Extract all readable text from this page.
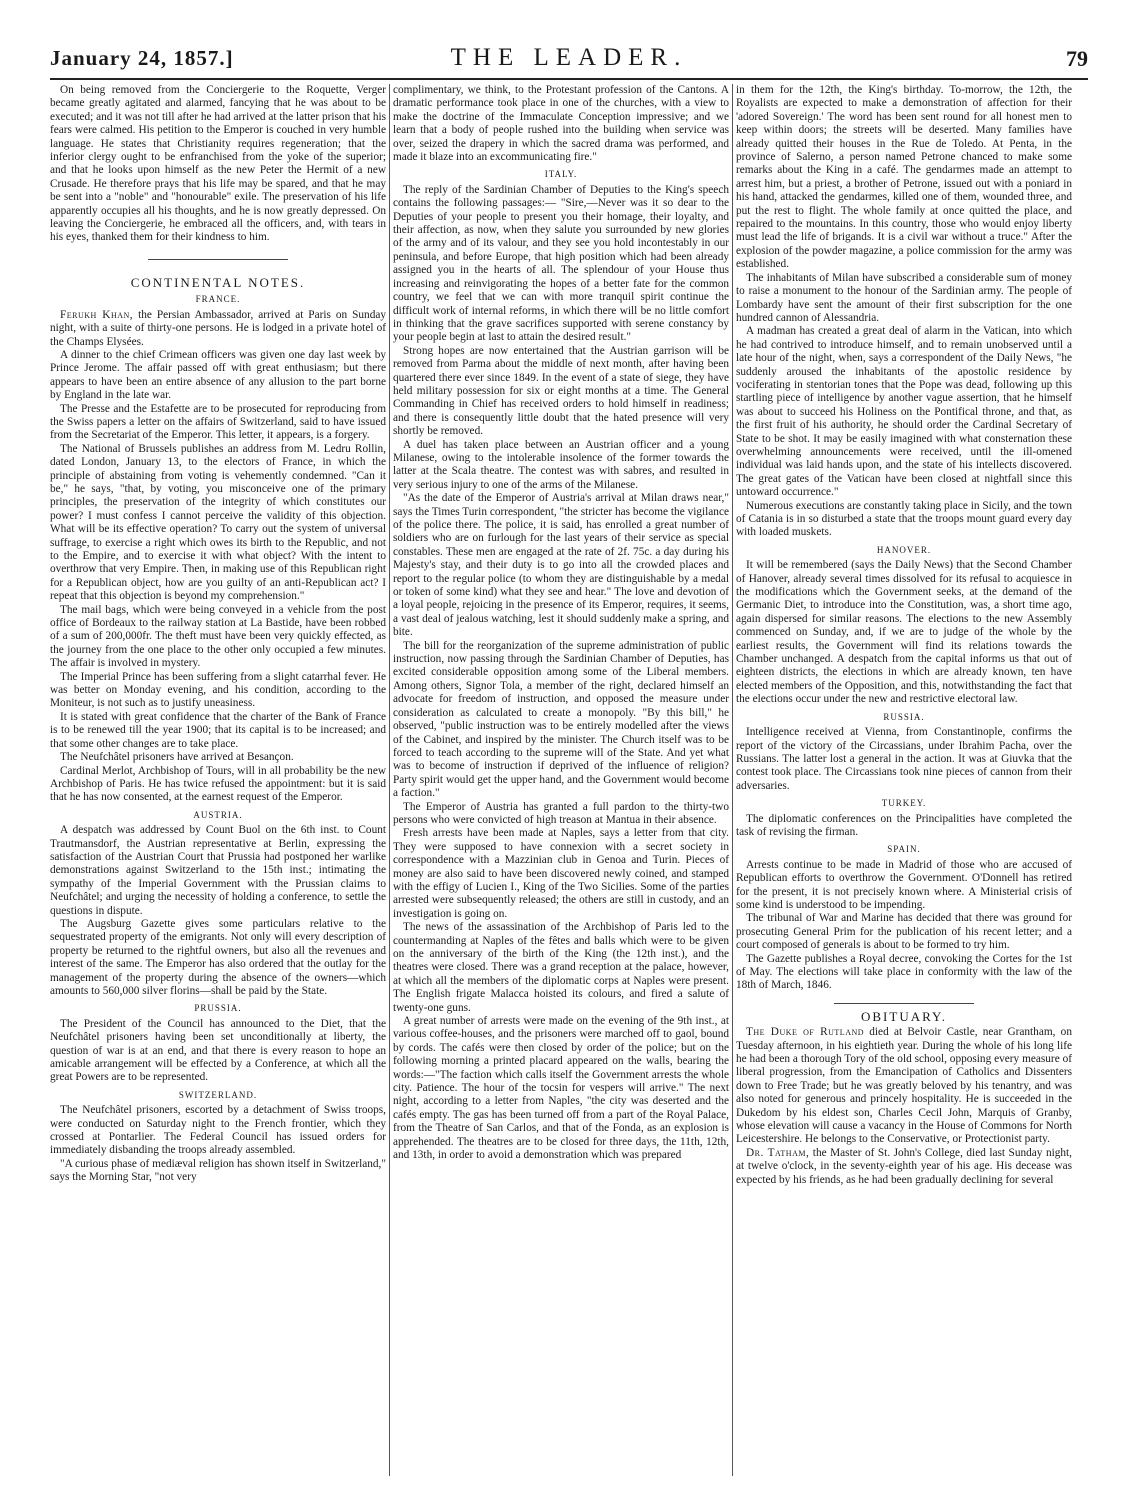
January 24, 1857.]	THE LEADER.	79

On being removed from the Conciergerie to the Roquette, Verger became greatly agitated and alarmed, fancying that he was about to be executed; and it was not till after he had arrived at the latter prison that his fears were calmed. His petition to the Emperor is couched in very humble language. He states that Christianity requires regeneration; that the inferior clergy ought to be enfranchised from the yoke of the superior; and that he looks upon himself as the new Peter the Hermit of a new Crusade. He therefore prays that his life may be spared, and that he may be sent into a "noble" and "honourable" exile. The preservation of his life apparently occupies all his thoughts, and he is now greatly depressed. On leaving the Conciergerie, he embraced all the officers, and, with tears in his eyes, thanked them for their kindness to him.

CONTINENTAL NOTES.
FRANCE.

Ferukh Khan, the Persian Ambassador, arrived at Paris on Sunday night, with a suite of thirty-one persons. He is lodged in a private hotel of the Champs Elysées.

A dinner to the chief Crimean officers was given one day last week by Prince Jerome. The affair passed off with great enthusiasm; but there appears to have been an entire absence of any allusion to the part borne by England in the late war.

The Presse and the Estafette are to be prosecuted for reproducing from the Swiss papers a letter on the affairs of Switzerland, said to have issued from the Secretariat of the Emperor. This letter, it appears, is a forgery.

The National of Brussels publishes an address from M. Ledru Rollin, dated London, January 13, to the electors of France, in which the principle of abstaining from voting is vehemently condemned. "Can it be," he says, "that, by voting, you misconceive one of the primary principles, the preservation of the integrity of which constitutes our power? I must confess I cannot perceive the validity of this objection. What will be its effective operation? To carry out the system of universal suffrage, to exercise a right which owes its birth to the Republic, and not to the Empire, and to exercise it with what object? With the intent to overthrow that very Empire. Then, in making use of this Republican right for a Republican object, how are you guilty of an anti-Republican act? I repeat that this objection is beyond my comprehension."

The mail bags, which were being conveyed in a vehicle from the post office of Bordeaux to the railway station at La Bastide, have been robbed of a sum of 200,000fr. The theft must have been very quickly effected, as the journey from the one place to the other only occupied a few minutes. The affair is involved in mystery.

The Imperial Prince has been suffering from a slight catarrhal fever. He was better on Monday evening, and his condition, according to the Moniteur, is not such as to justify uneasiness.

It is stated with great confidence that the charter of the Bank of France is to be renewed till the year 1900; that its capital is to be increased; and that some other changes are to take place.

The Neufchâtel prisoners have arrived at Besançon.

Cardinal Merlot, Archbishop of Tours, will in all probability be the new Archbishop of Paris. He has twice refused the appointment: but it is said that he has now consented, at the earnest request of the Emperor.

AUSTRIA.

A despatch was addressed by Count Buol on the 6th inst. to Count Trautmansdorf, the Austrian representative at Berlin, expressing the satisfaction of the Austrian Court that Prussia had postponed her warlike demonstrations against Switzerland to the 15th inst.; intimating the sympathy of the Imperial Government with the Prussian claims to Neufchâtel; and urging the necessity of holding a conference, to settle the questions in dispute.

The Augsburg Gazette gives some particulars relative to the sequestrated property of the emigrants. Not only will every description of property be returned to the rightful owners, but also all the revenues and interest of the same. The Emperor has also ordered that the outlay for the management of the property during the absence of the owners—which amounts to 560,000 silver florins—shall be paid by the State.

PRUSSIA.

The President of the Council has announced to the Diet, that the Neufchâtel prisoners having been set unconditionally at liberty, the question of war is at an end, and that there is every reason to hope an amicable arrangement will be effected by a Conference, at which all the great Powers are to be represented.

SWITZERLAND.

The Neufchâtel prisoners, escorted by a detachment of Swiss troops, were conducted on Saturday night to the French frontier, which they crossed at Pontarlier. The Federal Council has issued orders for immediately disbanding the troops already assembled.

"A curious phase of mediæval religion has shown itself in Switzerland," says the Morning Star, "not very

complimentary, we think, to the Protestant profession of the Cantons. A dramatic performance took place in one of the churches, with a view to make the doctrine of the Immaculate Conception impressive; and we learn that a body of people rushed into the building when service was over, seized the drapery in which the sacred drama was performed, and made it blaze into an excommunicating fire."

ITALY.

The reply of the Sardinian Chamber of Deputies to the King's speech contains the following passages:— "Sire,—Never was it so dear to the Deputies of your people to present you their homage, their loyalty, and their affection, as now, when they salute you surrounded by new glories of the army and of its valour, and they see you hold incontestably in our peninsula, and before Europe, that high position which had been already assigned you in the hearts of all. The splendour of your House thus increasing and reinvigorating the hopes of a better fate for the common country, we feel that we can with more tranquil spirit continue the difficult work of internal reforms, in which there will be no little comfort in thinking that the grave sacrifices supported with serene constancy by your people begin at last to attain the desired result."

Strong hopes are now entertained that the Austrian garrison will be removed from Parma about the middle of next month, after having been quartered there ever since 1849. In the event of a state of siege, they have held military possession for six or eight months at a time. The General Commanding in Chief has received orders to hold himself in readiness; and there is consequently little doubt that the hated presence will very shortly be removed.

A duel has taken place between an Austrian officer and a young Milanese, owing to the intolerable insolence of the former towards the latter at the Scala theatre. The contest was with sabres, and resulted in very serious injury to one of the arms of the Milanese.

"As the date of the Emperor of Austria's arrival at Milan draws near," says the Times Turin correspondent, "the stricter has become the vigilance of the police there. The police, it is said, has enrolled a great number of soldiers who are on furlough for the last years of their service as special constables. These men are engaged at the rate of 2f. 75c. a day during his Majesty's stay, and their duty is to go into all the crowded places and report to the regular police (to whom they are distinguishable by a medal or token of some kind) what they see and hear." The love and devotion of a loyal people, rejoicing in the presence of its Emperor, requires, it seems, a vast deal of jealous watching, lest it should suddenly make a spring, and bite.

The bill for the reorganization of the supreme administration of public instruction, now passing through the Sardinian Chamber of Deputies, has excited considerable opposition among some of the Liberal members. Among others, Signor Tola, a member of the right, declared himself an advocate for freedom of instruction, and opposed the measure under consideration as calculated to create a monopoly. "By this bill," he observed, "public instruction was to be entirely modelled after the views of the Cabinet, and inspired by the minister. The Church itself was to be forced to teach according to the supreme will of the State. And yet what was to become of instruction if deprived of the influence of religion? Party spirit would get the upper hand, and the Government would become a faction."

The Emperor of Austria has granted a full pardon to the thirty-two persons who were convicted of high treason at Mantua in their absence.

Fresh arrests have been made at Naples, says a letter from that city. They were supposed to have connexion with a secret society in correspondence with a Mazzinian club in Genoa and Turin. Pieces of money are also said to have been discovered newly coined, and stamped with the effigy of Lucien I., King of the Two Sicilies. Some of the parties arrested were subsequently released; the others are still in custody, and an investigation is going on.

The news of the assassination of the Archbishop of Paris led to the countermanding at Naples of the fêtes and balls which were to be given on the anniversary of the birth of the King (the 12th inst.), and the theatres were closed. There was a grand reception at the palace, however, at which all the members of the diplomatic corps at Naples were present. The English frigate Malacca hoisted its colours, and fired a salute of twenty-one guns.

A great number of arrests were made on the evening of the 9th inst., at various coffee-houses, and the prisoners were marched off to gaol, bound by cords. The cafés were then closed by order of the police; but on the following morning a printed placard appeared on the walls, bearing the words:—"The faction which calls itself the Government arrests the whole city. Patience. The hour of the tocsin for vespers will arrive." The next night, according to a letter from Naples, "the city was deserted and the cafés empty. The gas has been turned off from a part of the Royal Palace, from the Theatre of San Carlos, and that of the Fonda, as an explosion is apprehended. The theatres are to be closed for three days, the 11th, 12th, and 13th, in order to avoid a demonstration which was prepared

in them for the 12th, the King's birthday. To-morrow, the 12th, the Royalists are expected to make a demonstration of affection for their 'adored Sovereign.' The word has been sent round for all honest men to keep within doors; the streets will be deserted. Many families have already quitted their houses in the Rue de Toledo. At Penta, in the province of Salerno, a person named Petrone chanced to make some remarks about the King in a café. The gendarmes made an attempt to arrest him, but a priest, a brother of Petrone, issued out with a poniard in his hand, attacked the gendarmes, killed one of them, wounded three, and put the rest to flight. The whole family at once quitted the place, and repaired to the mountains. In this country, those who would enjoy liberty must lead the life of brigands. It is a civil war without a truce." After the explosion of the powder magazine, a police commission for the army was established.

The inhabitants of Milan have subscribed a considerable sum of money to raise a monument to the honour of the Sardinian army. The people of Lombardy have sent the amount of their first subscription for the one hundred cannon of Alessandria.

A madman has created a great deal of alarm in the Vatican, into which he had contrived to introduce himself, and to remain unobserved until a late hour of the night, when, says a correspondent of the Daily News, "he suddenly aroused the inhabitants of the apostolic residence by vociferating in stentorian tones that the Pope was dead, following up this startling piece of intelligence by another vague assertion, that he himself was about to succeed his Holiness on the Pontifical throne, and that, as the first fruit of his authority, he should order the Cardinal Secretary of State to be shot. It may be easily imagined with what consternation these overwhelming announcements were received, until the ill-omened individual was laid hands upon, and the state of his intellects discovered. The great gates of the Vatican have been closed at nightfall since this untoward occurrence."

Numerous executions are constantly taking place in Sicily, and the town of Catania is in so disturbed a state that the troops mount guard every day with loaded muskets.

HANOVER.

It will be remembered (says the Daily News) that the Second Chamber of Hanover, already several times dissolved for its refusal to acquiesce in the modifications which the Government seeks, at the demand of the Germanic Diet, to introduce into the Constitution, was, a short time ago, again dispersed for similar reasons. The elections to the new Assembly commenced on Sunday, and, if we are to judge of the whole by the earliest results, the Government will find its relations towards the Chamber unchanged. A despatch from the capital informs us that out of eighteen districts, the elections in which are already known, ten have elected members of the Opposition, and this, notwithstanding the fact that the elections occur under the new and restrictive electoral law.

RUSSIA.

Intelligence received at Vienna, from Constantinople, confirms the report of the victory of the Circassians, under Ibrahim Pacha, over the Russians. The latter lost a general in the action. It was at Giuvka that the contest took place. The Circassians took nine pieces of cannon from their adversaries.

TURKEY.

The diplomatic conferences on the Principalities have completed the task of revising the firman.

SPAIN.

Arrests continue to be made in Madrid of those who are accused of Republican efforts to overthrow the Government. O'Donnell has retired for the present, it is not precisely known where. A Ministerial crisis of some kind is understood to be impending.

The tribunal of War and Marine has decided that there was ground for prosecuting General Prim for the publication of his recent letter; and a court composed of generals is about to be formed to try him.

The Gazette publishes a Royal decree, convoking the Cortes for the 1st of May. The elections will take place in conformity with the law of the 18th of March, 1846.

OBITUARY.

The Duke of Rutland died at Belvoir Castle, near Grantham, on Tuesday afternoon, in his eightieth year. During the whole of his long life he had been a thorough Tory of the old school, opposing every measure of liberal progression, from the Emancipation of Catholics and Dissenters down to Free Trade; but he was greatly beloved by his tenantry, and was also noted for generous and princely hospitality. He is succeeded in the Dukedom by his eldest son, Charles Cecil John, Marquis of Granby, whose elevation will cause a vacancy in the House of Commons for North Leicestershire. He belongs to the Conservative, or Protectionist party.

Dr. Tatham, the Master of St. John's College, died last Sunday night, at twelve o'clock, in the seventy-eighth year of his age. His decease was expected by his friends, as he had been gradually declining for several
